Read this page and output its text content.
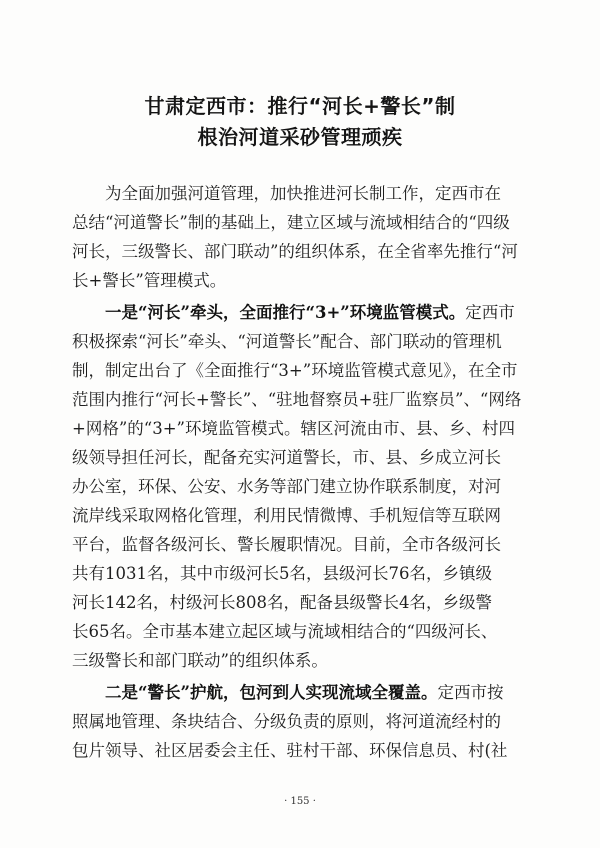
甘肃定西市：推行“河长+警长”制
根治河道采砂管理顽疾
为全面加强河道管理，加快推进河长制工作，定西市在
总结“河道警长”制的基础上，建立区域与流域相结合的“四级
河长，三级警长、部门联动”的组织体系，在全省率先推行“河
长+警长”管理模式。
一是“河长”牵头，全面推行“3+”环境监管模式。定西市
积极探索“河长”牵头、“河道警长”配合、部门联动的管理机
制，制定出台了《全面推行“3+”环境监管模式意见》，在全市
范围内推行“河长+警长”、“驻地督察员+驻厂监察员”、“网络
+网格”的“3+”环境监管模式。辖区河流由市、县、乡、村四
级领导担任河长，配备充实河道警长，市、县、乡成立河长
办公室，环保、公安、水务等部门建立协作联系制度，对河
流岸线采取网格化管理，利用民情微博、手机短信等互联网
平台，监督各级河长、警长履职情况。目前，全市各级河长
共有1031名，其中市级河长5名，县级河长76名，乡镇级
河长142名，村级河长808名，配备县级警长4名，乡级警
长65名。全市基本建立起区域与流域相结合的“四级河长、
三级警长和部门联动”的组织体系。
二是“警长”护航，包河到人实现流域全覆盖。定西市按
照属地管理、条块结合、分级负责的原则，将河道流经村的
包片领导、社区居委会主任、驻村干部、环保信息员、村(社
· 155 ·
